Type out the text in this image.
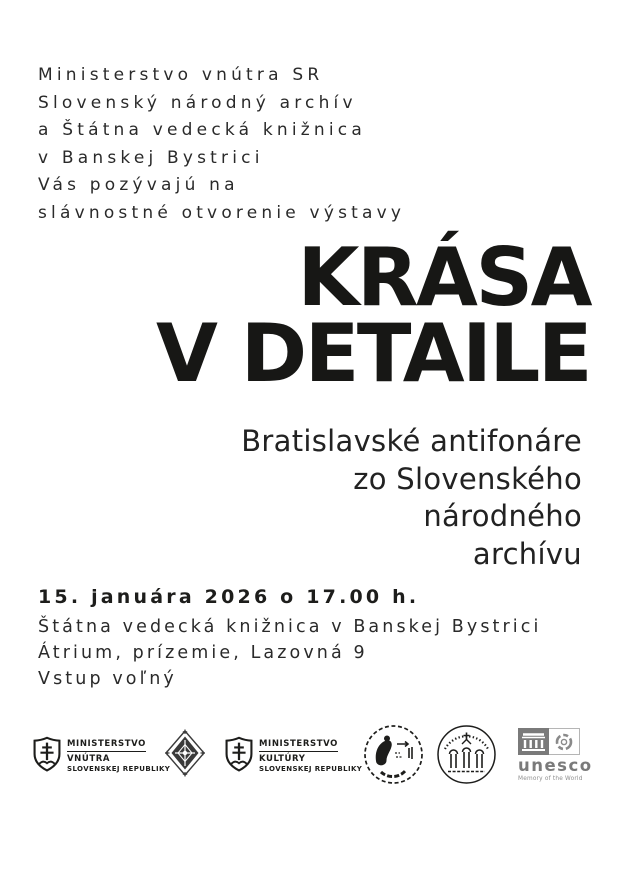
Ministerstvo vnútra SR
Slovenský národný archív
a Štátna vedecká knižnica
v Banskej Bystrici
Vás pozývajú na
slávnostné otvorenie výstavy
KRÁSA
V DETAILE
Bratislavské antifonáre
zo Slovenského
národného
archívu
15. januára 2026 o 17.00 h.
Štátna vedecká knižnica v Banskej Bystrici
Átrium, prízemie, Lazovná 9
Vstup voľný
MINISTERSTVO
VNÚTRA
SLOVENSKEJ REPUBLIKY
MINISTERSTVO
KULTÚRY
SLOVENSKEJ REPUBLIKY	unesco
Memory of the World
